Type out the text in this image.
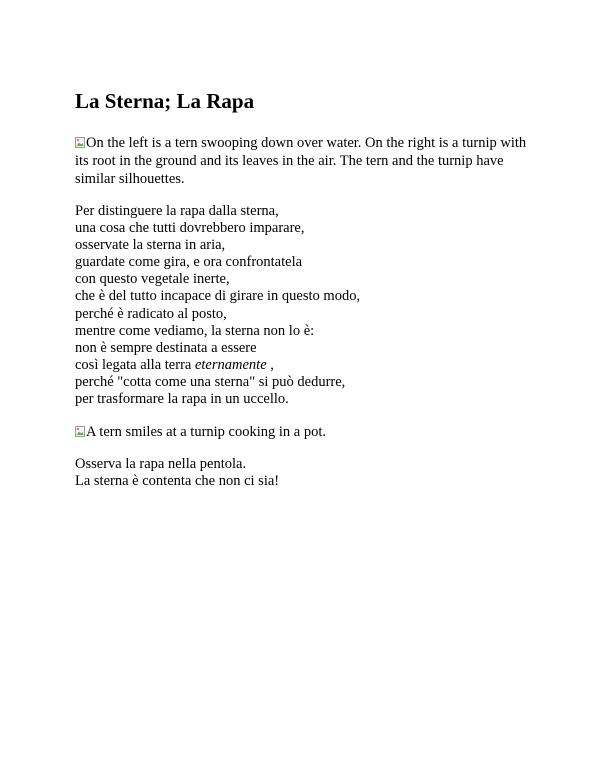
La Sterna; La Rapa
On the left is a tern swooping down over water. On the right is a turnip with its root in the ground and its leaves in the air. The tern and the turnip have similar silhouettes.
Per distinguere la rapa dalla sterna,
una cosa che tutti dovrebbero imparare,
osservate la sterna in aria,
guardate come gira, e ora confrontatela
con questo vegetale inerte,
che è del tutto incapace di girare in questo modo,
perché è radicato al posto,
mentre come vediamo, la sterna non lo è:
non è sempre destinata a essere
così legata alla terra eternamente ,
perché "cotta come una sterna" si può dedurre,
per trasformare la rapa in un uccello.
A tern smiles at a turnip cooking in a pot.
Osserva la rapa nella pentola.
La sterna è contenta che non ci sia!
